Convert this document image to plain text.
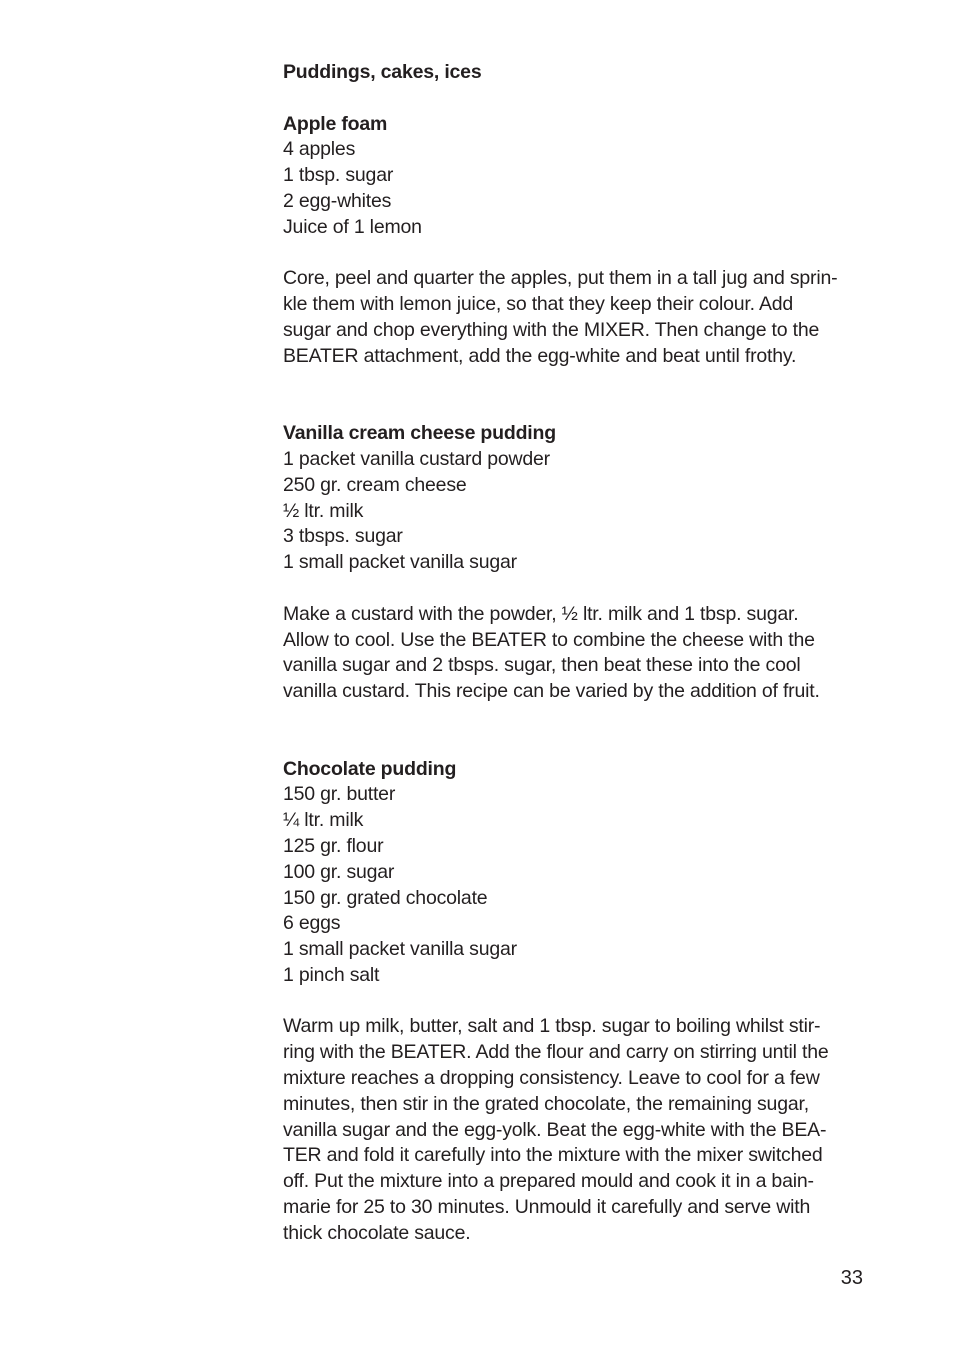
Puddings, cakes, ices
Apple foam
4 apples
1 tbsp. sugar
2 egg-whites
Juice of 1 lemon

Core, peel and quarter the apples, put them in a tall jug and sprin-
kle them with lemon juice, so that they keep their colour. Add
sugar and chop everything with the MIXER. Then change to the
BEATER attachment, add the egg-white and beat until frothy.

Vanilla cream cheese pudding
1 packet vanilla custard powder
250 gr. cream cheese
½ ltr. milk
3 tbsps. sugar
1 small packet vanilla sugar

Make a custard with the powder, ½ ltr. milk and 1 tbsp. sugar.
Allow to cool. Use the BEATER to combine the cheese with the
vanilla sugar and 2 tbsps. sugar, then beat these into the cool
vanilla custard. This recipe can be varied by the addition of fruit.

Chocolate pudding
150 gr. butter
¼ ltr. milk
125 gr. flour
100 gr. sugar
150 gr. grated chocolate
6 eggs
1 small packet vanilla sugar
1 pinch salt

Warm up milk, butter, salt and 1 tbsp. sugar to boiling whilst stir-
ring with the BEATER. Add the flour and carry on stirring until the
mixture reaches a dropping consistency. Leave to cool for a few
minutes, then stir in the grated chocolate, the remaining sugar,
vanilla sugar and the egg-yolk. Beat the egg-white with the BEA-
TER and fold it carefully into the mixture with the mixer switched
off. Put the mixture into a prepared mould and cook it in a bain-
marie for 25 to 30 minutes. Unmould it carefully and serve with
thick chocolate sauce.

33
